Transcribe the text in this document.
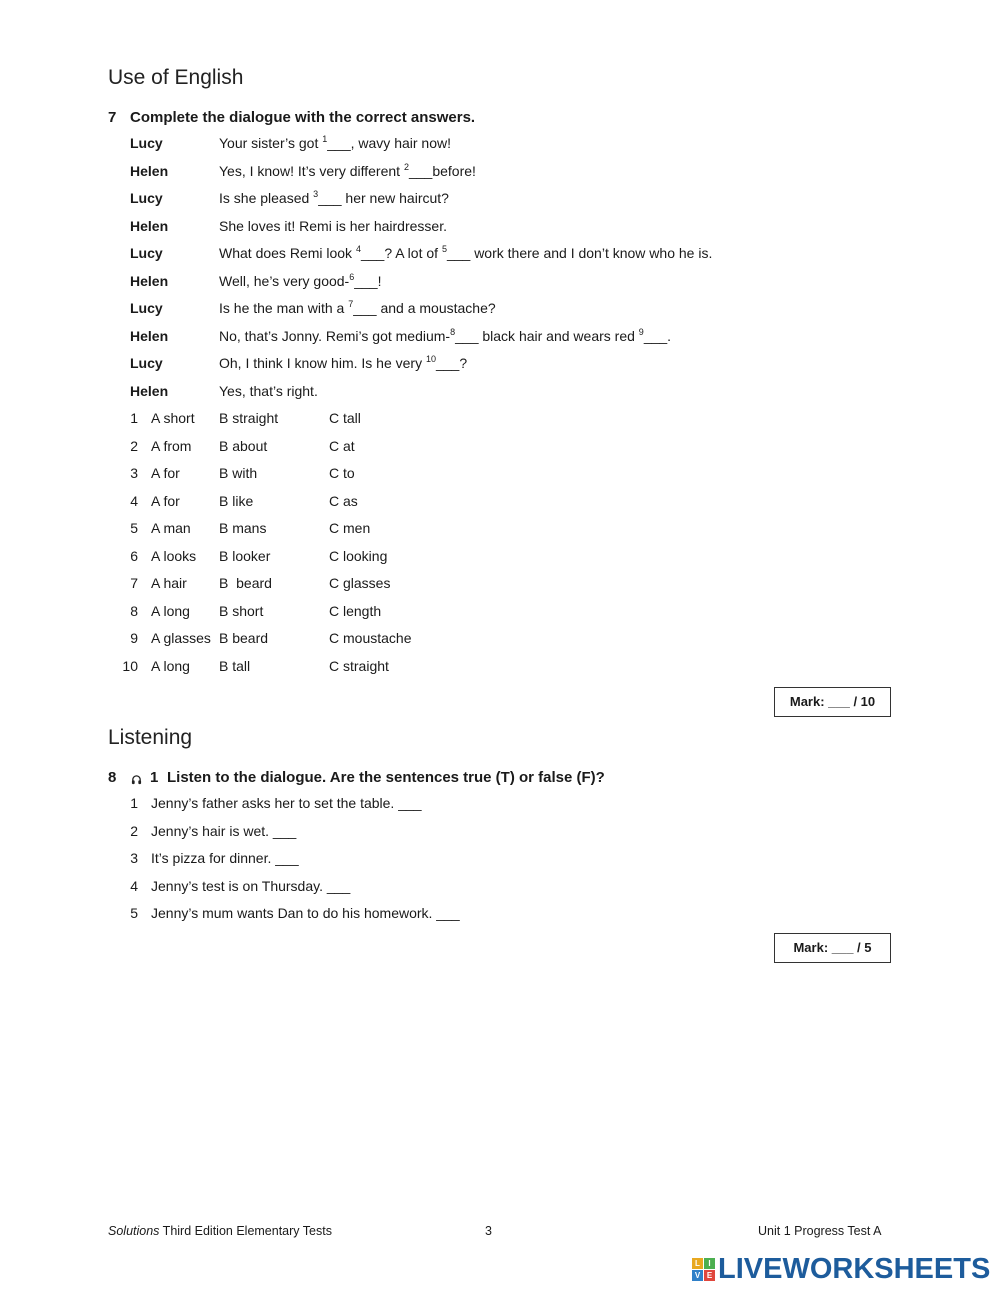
Use of English
7 Complete the dialogue with the correct answers.
Lucy	Your sister’s got $^1$___, wavy hair now!
Helen	Yes, I know! It’s very different $^2$___before!
Lucy	Is she pleased $^3$___ her new haircut?
Helen	She loves it! Remi is her hairdresser.
Lucy	What does Remi look $^4$___? A lot of $^5$___ work there and I don’t know who he is.
Helen	Well, he’s very good-$^6$___!
Lucy	Is he the man with a $^7$___ and a moustache?
Helen	No, that’s Jonny. Remi’s got medium-$^8$___ black hair and wears red $^9$___.
Lucy	Oh, I think I know him. Is he very $^{10}$___?
Helen	Yes, that’s right.
1 A short B straight	C tall
2 A from B about	C at
3 A for	B with	C to
4 A for	B like	C as
5 A man B mans	C men
6 A looks B looker	C looking
7 A hair B  beard	C glasses
8 A long B short	C length
9 A glasses B beard	C moustache
10 A long B tall	C straight
Mark: ___ / 10
Listening
8 1 Listen to the dialogue. Are the sentences true (T) or false (F)?
1 Jenny’s father asks her to set the table. ___
2 Jenny’s hair is wet. ___
3 It’s pizza for dinner. ___
4 Jenny’s test is on Thursday. ___
5 Jenny’s mum wants Dan to do his homework. ___
Mark: ___ / 5
Solutions Third Edition Elementary Tests	3	Unit 1 Progress Test A
L	I
V E LIVEWORKSHEETS
